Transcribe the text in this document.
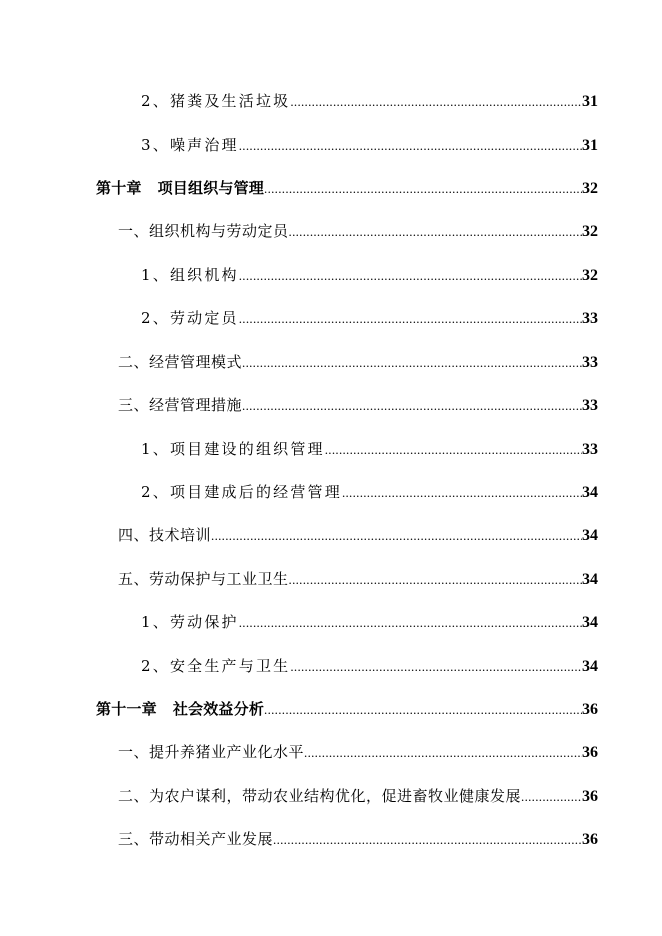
2、猪粪及生活垃圾 .....	31
3、噪声治理 .....	31
第十章 项目组织与管理 .....	32
一、组织机构与劳动定员 .....	32
1、组织机构 .....	32
2、劳动定员 .....	33
二、经营管理模式 .....	33
三、经营管理措施 .....	33
1、项目建设的组织管理 .....	33
2、项目建成后的经营管理 .....	34
四、技术培训 .....	34
五、劳动保护与工业卫生 .....	34
1、劳动保护 .....	34
2、安全生产与卫生 .....	34
第十一章 社会效益分析 .....	36
一、提升养猪业产业化水平 .....	36
二、为农户谋利，带动农业结构优化，促进畜牧业健康发展 .....	36
三、带动相关产业发展 .....	36
